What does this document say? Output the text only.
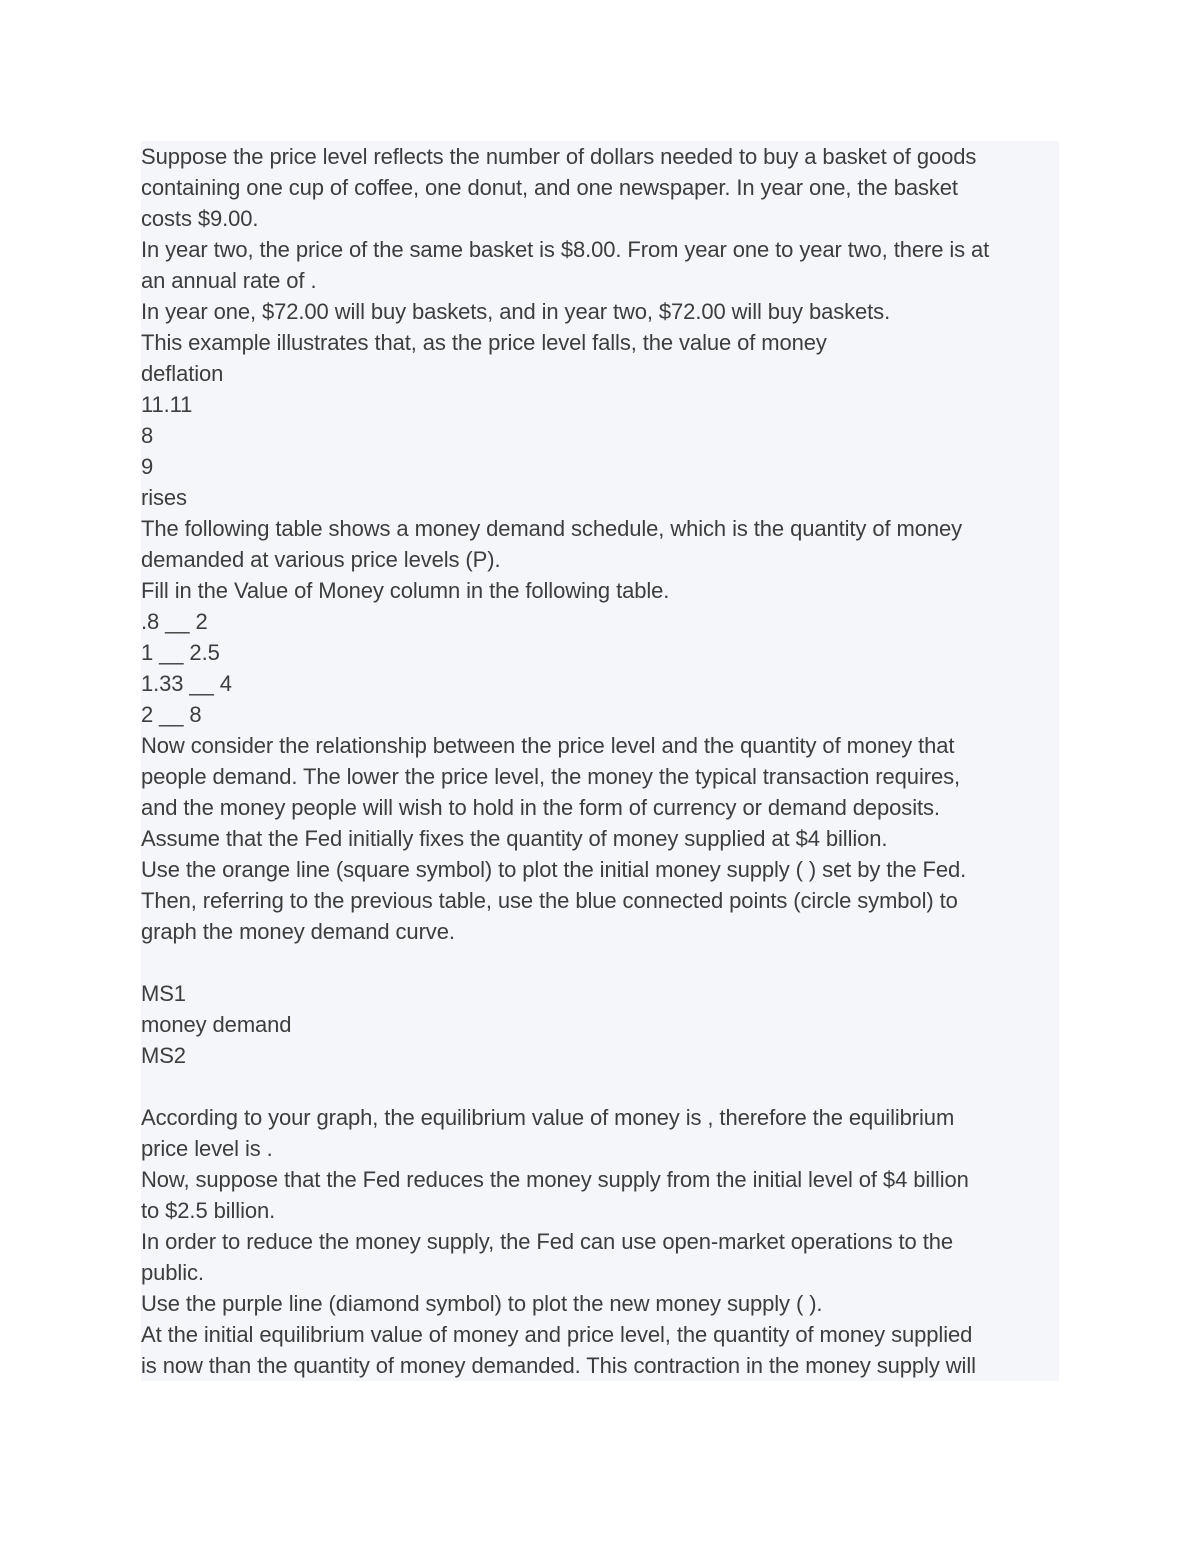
Suppose the price level reflects the number of dollars needed to buy a basket of goods
containing one cup of coffee, one donut, and one newspaper. In year one, the basket
costs $9.00.
In year two, the price of the same basket is $8.00. From year one to year two, there is at
an annual rate of .
In year one, $72.00 will buy baskets, and in year two, $72.00 will buy baskets.
This example illustrates that, as the price level falls, the value of money
deflation
11.11
8
9
rises
The following table shows a money demand schedule, which is the quantity of money
demanded at various price levels (P).
Fill in the Value of Money column in the following table.
.8 __ 2
1 __ 2.5
1.33 __ 4
2 __ 8
Now consider the relationship between the price level and the quantity of money that
people demand. The lower the price level, the money the typical transaction requires,
and the money people will wish to hold in the form of currency or demand deposits.
Assume that the Fed initially fixes the quantity of money supplied at $4 billion.
Use the orange line (square symbol) to plot the initial money supply ( ) set by the Fed.
Then, referring to the previous table, use the blue connected points (circle symbol) to
graph the money demand curve.
MS1
money demand
MS2
According to your graph, the equilibrium value of money is , therefore the equilibrium
price level is .
Now, suppose that the Fed reduces the money supply from the initial level of $4 billion
to $2.5 billion.
In order to reduce the money supply, the Fed can use open-market operations to the
public.
Use the purple line (diamond symbol) to plot the new money supply ( ).
At the initial equilibrium value of money and price level, the quantity of money supplied
is now than the quantity of money demanded. This contraction in the money supply will
